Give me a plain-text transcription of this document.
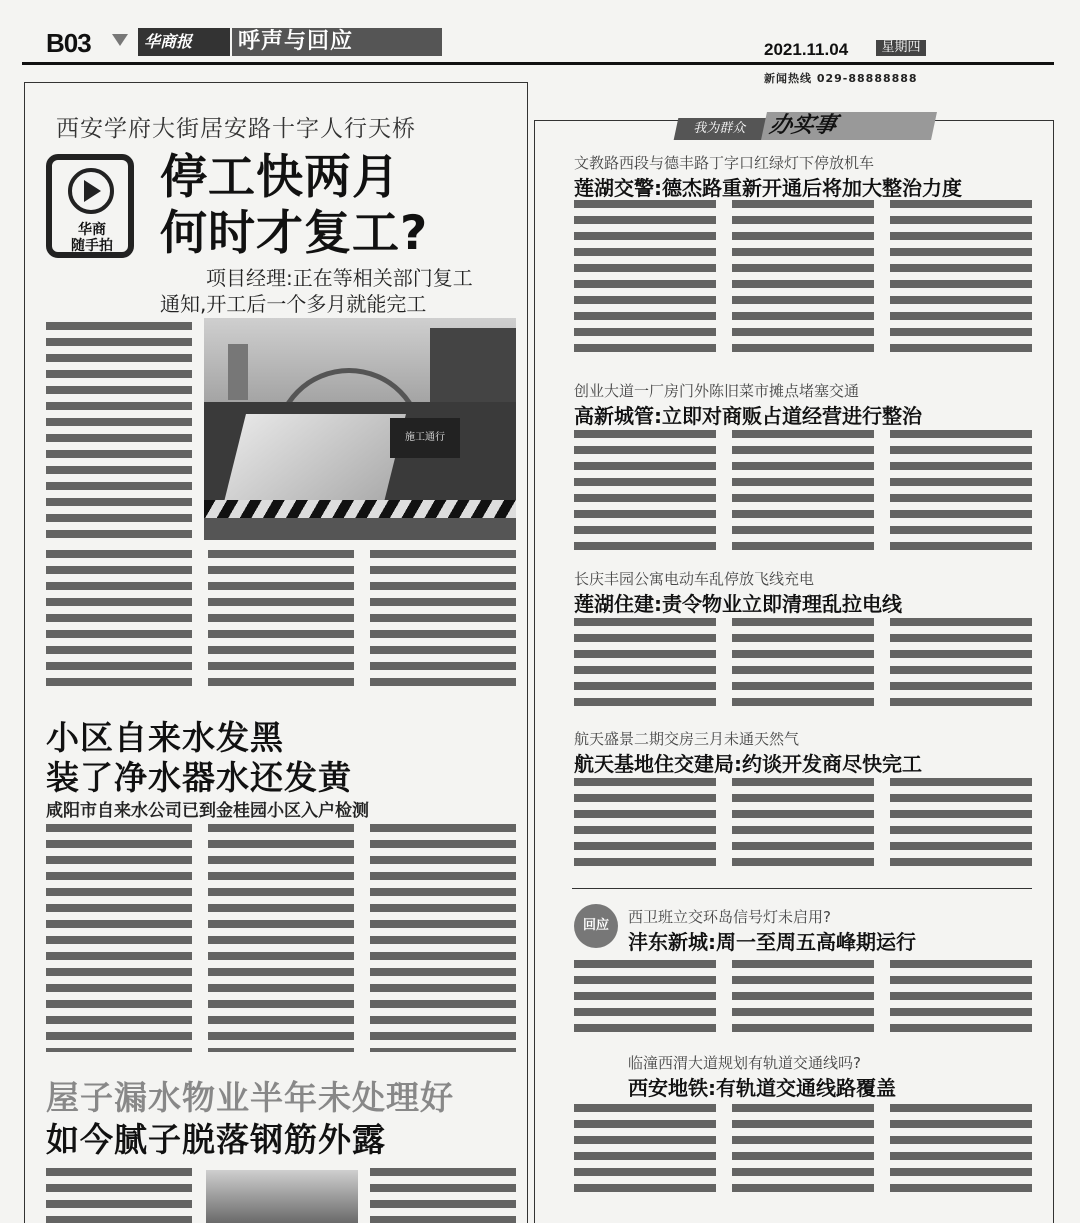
B03	华商报	呼声与回应	2021.11.04	星期四
新闻热线 029-88888888
西安学府大街居安路十字人行天桥
华商
随手拍
停工快两月
何时才复工?
项目经理:正在等相关部门复工
通知,开工后一个多月就能完工
施工通行
小区自来水发黑
装了净水器水还发黄
咸阳市自来水公司已到金桂园小区入户检测
屋子漏水物业半年未处理好
如今腻子脱落钢筋外露
我为群众 办实事
文教路西段与德丰路丁字口红绿灯下停放机车
莲湖交警:德杰路重新开通后将加大整治力度
创业大道一厂房门外陈旧菜市摊点堵塞交通
高新城管:立即对商贩占道经营进行整治
长庆丰园公寓电动车乱停放飞线充电
莲湖住建:责令物业立即清理乱拉电线
航天盛景二期交房三月未通天然气
航天基地住交建局:约谈开发商尽快完工
回应	西卫班立交环岛信号灯未启用?
沣东新城:周一至周五高峰期运行
临潼西渭大道规划有轨道交通线吗?
西安地铁:有轨道交通线路覆盖
